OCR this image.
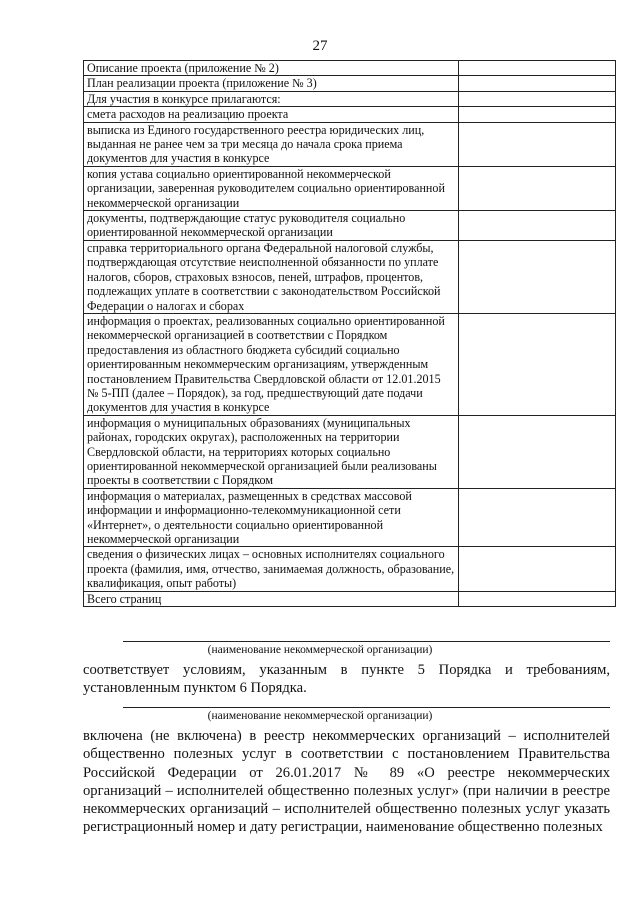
27
Описание проекта (приложение № 2)	
План реализации проекта (приложение № 3)	
Для участия в конкурсе прилагаются:	
смета расходов на реализацию проекта	
выписка из Единого государственного реестра юридических лиц, выданная не ранее чем за три месяца до начала срока приема документов для участия в конкурсе	
копия устава социально ориентированной некоммерческой организации, заверенная руководителем социально ориентированной некоммерческой организации	
документы, подтверждающие статус руководителя социально ориентированной некоммерческой организации	
справка территориального органа Федеральной налоговой службы, подтверждающая отсутствие неисполненной обязанности по уплате налогов, сборов, страховых взносов, пеней, штрафов, процентов, подлежащих уплате в соответствии с законодательством Российской Федерации о налогах и сборах	
информация о проектах, реализованных социально ориентированной некоммерческой организацией в соответствии с Порядком предоставления из областного бюджета субсидий социально ориентированным некоммерческим организациям, утвержденным постановлением Правительства Свердловской области от 12.01.2015 № 5-ПП (далее – Порядок), за год, предшествующий дате подачи документов для участия в конкурсе	
информация о муниципальных образованиях (муниципальных районах, городских округах), расположенных на территории Свердловской области, на территориях которых социально ориентированной некоммерческой организацией были реализованы проекты в соответствии с Порядком	
информация о материалах, размещенных в средствах массовой информации и информационно-телекоммуникационной сети «Интернет», о деятельности социально ориентированной некоммерческой организации	
сведения о физических лицах – основных исполнителях социального проекта (фамилия, имя, отчество, занимаемая должность, образование, квалификация, опыт работы)	
Всего страниц	
(наименование некоммерческой организации)
соответствует условиям, указанным в пункте 5 Порядка и требованиям, установленным пунктом 6 Порядка.
(наименование некоммерческой организации)
включена (не включена) в реестр некоммерческих организаций – исполнителей общественно полезных услуг в соответствии с постановлением Правительства Российской Федерации от 26.01.2017 № 89 «О реестре некоммерческих организаций – исполнителей общественно полезных услуг» (при наличии в реестре некоммерческих организаций – исполнителей общественно полезных услуг указать регистрационный номер и дату регистрации, наименование общественно полезных
